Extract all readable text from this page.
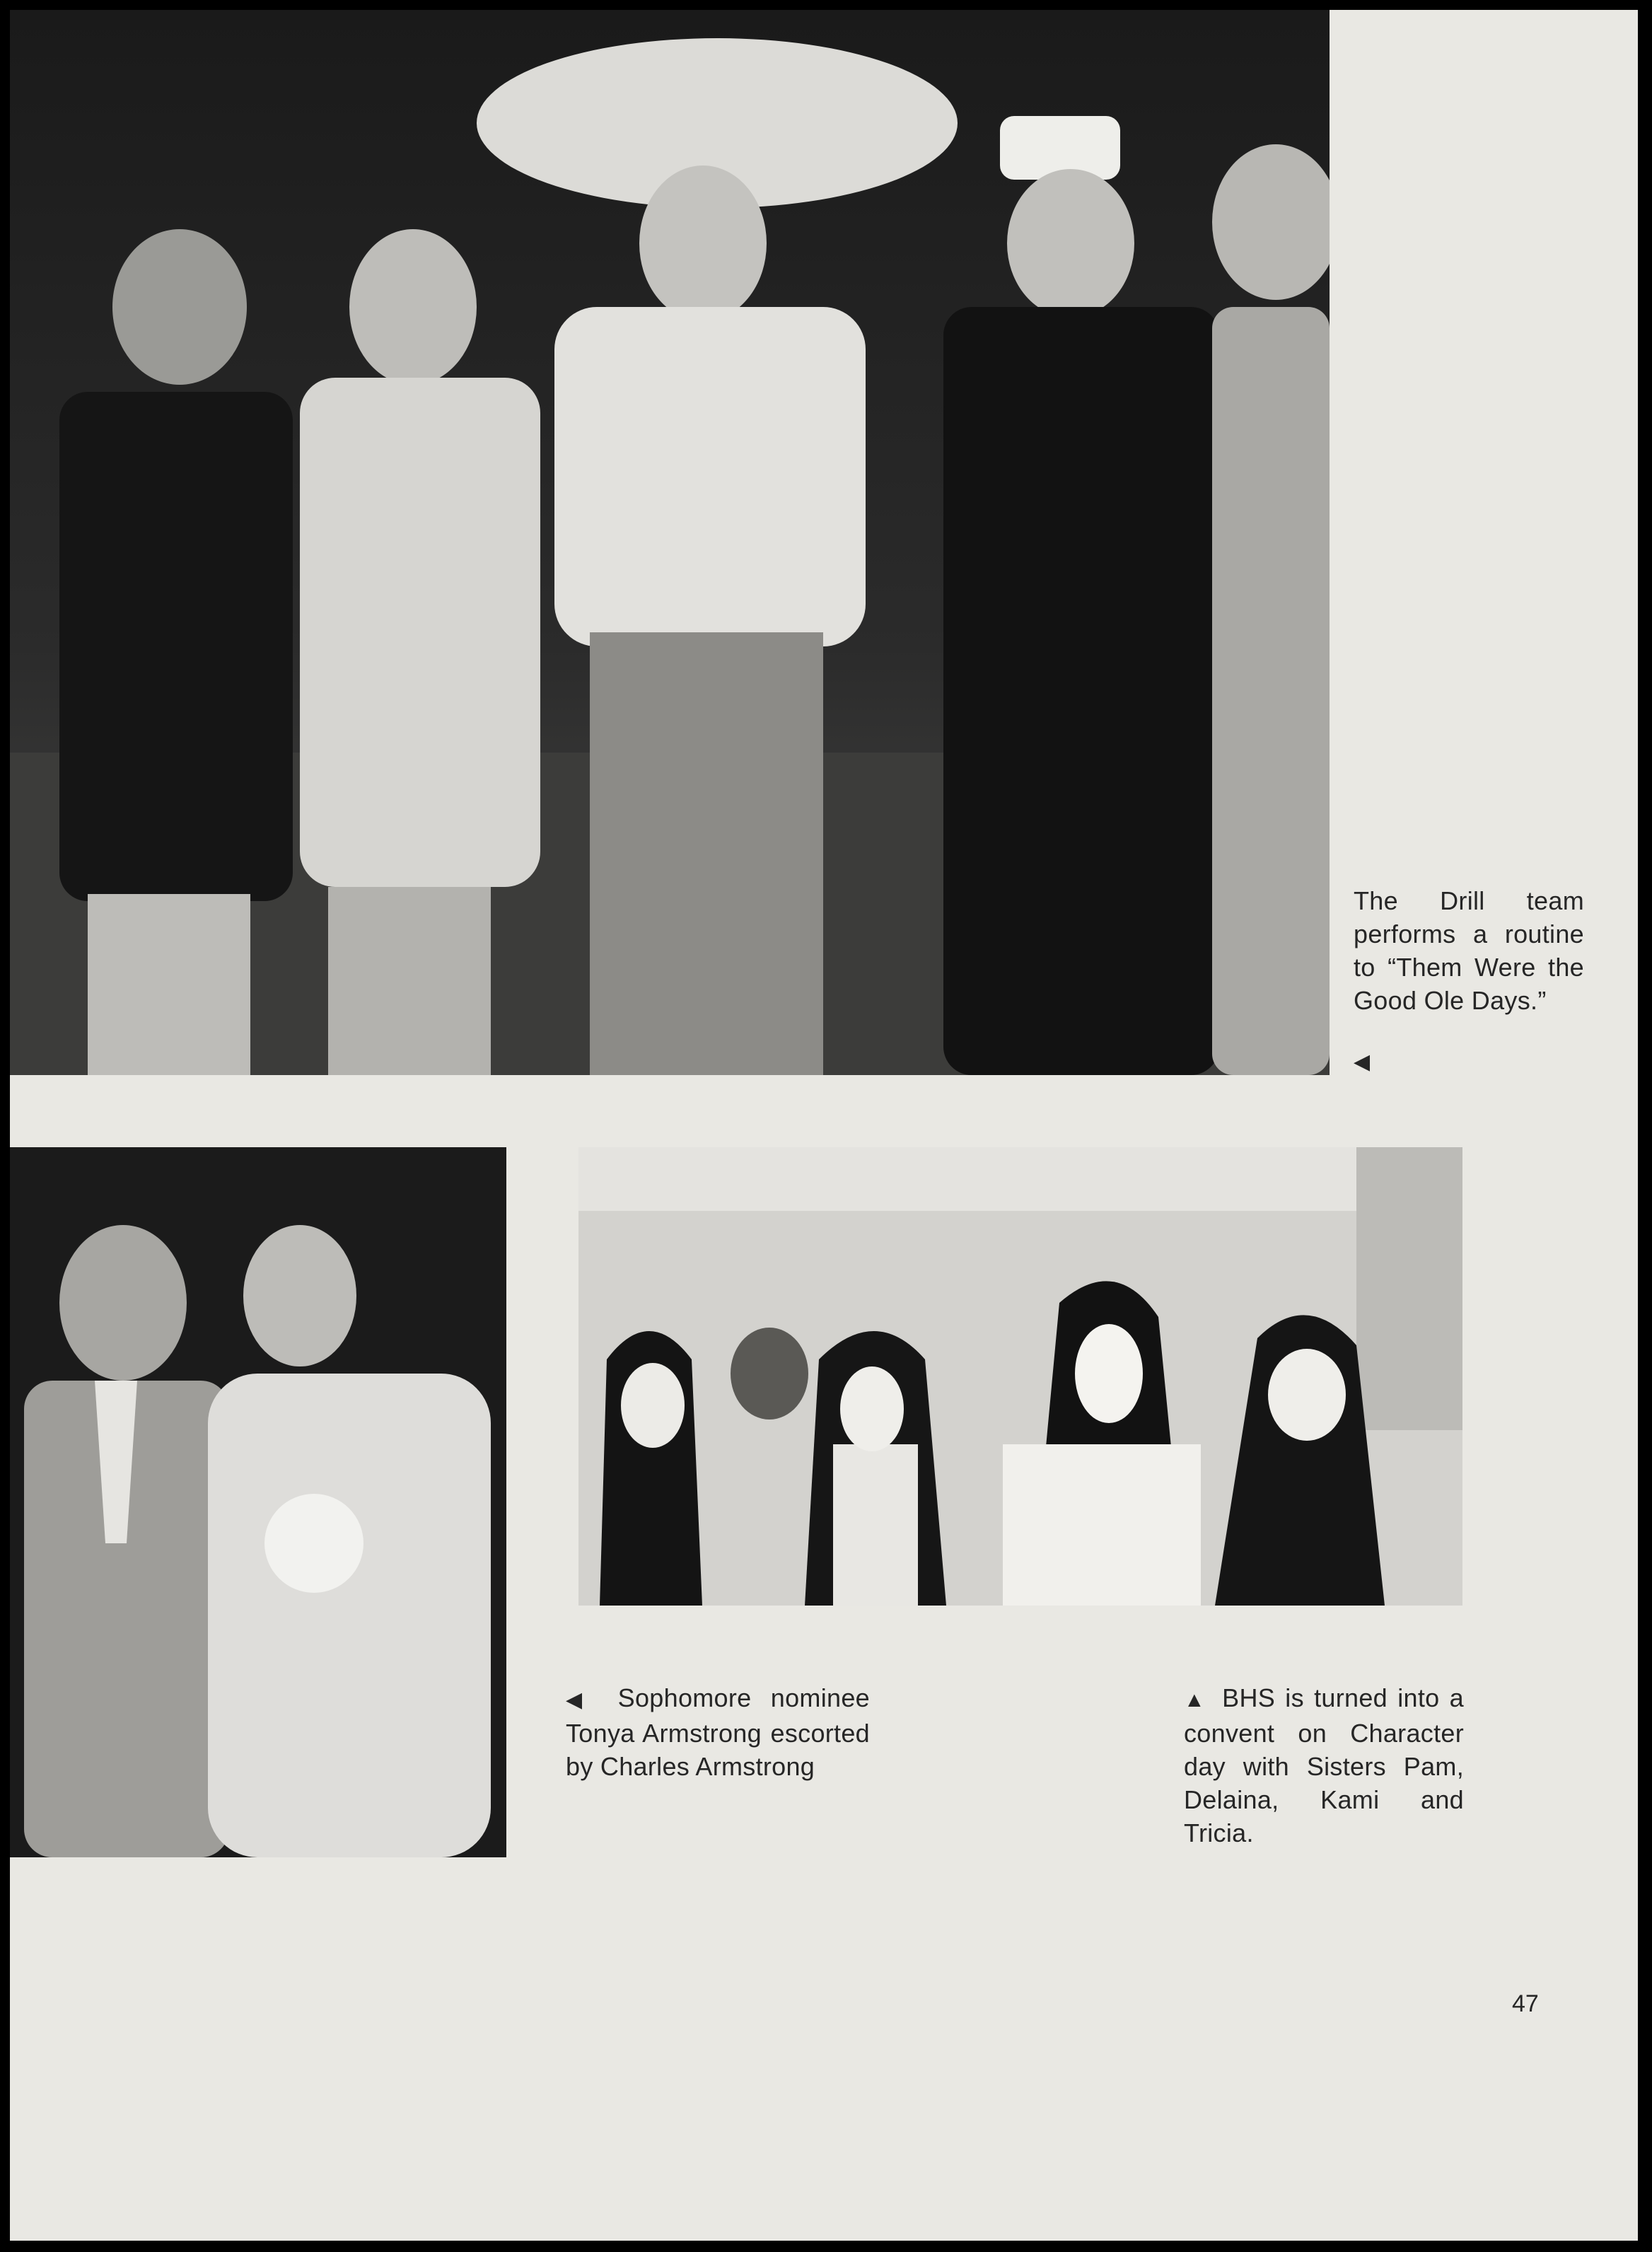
The Drill team performs a routine to “Them Were the Good Ole Days.”
◀
◀ Sophomore nominee Tonya Armstrong escorted by Charles Armstrong
▲ BHS is turned into a convent on Character day with Sisters Pam, Delaina, Kami and Tricia.
47
